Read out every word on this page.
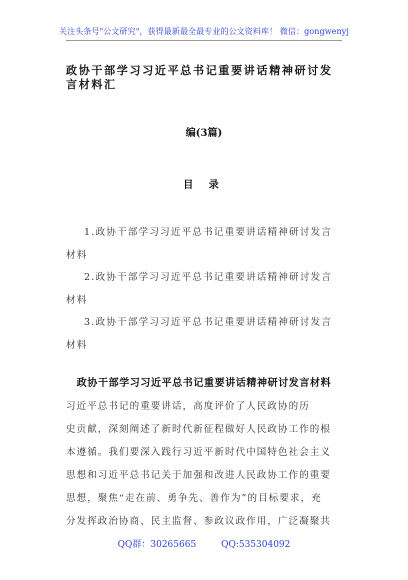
关注头条号"公文研究"，获得最新最全最专业的公文资料库！ 微信：gongwenyj
政协干部学习习近平总书记重要讲话精神研讨发言材料汇
编(3篇)
目 录
1.政协干部学习习近平总书记重要讲话精神研讨发言
材料
2.政协干部学习习近平总书记重要讲话精神研讨发言
材料
3.政协干部学习习近平总书记重要讲话精神研讨发言
材料
政协干部学习习近平总书记重要讲话精神研讨发言材料
习近平总书记的重要讲话，高度评价了人民政协的历
史贡献，深刻阐述了新时代新征程做好人民政协工作的根
本遵循。我们要深入践行习近平新时代中国特色社会主义
思想和习近平总书记关于加强和改进人民政协工作的重要
思想，聚焦“走在前、勇争先、善作为”的目标要求，充
分发挥政治协商、民主监督、参政议政作用，广泛凝聚共
QQ群：30265665	QQ:535304092
